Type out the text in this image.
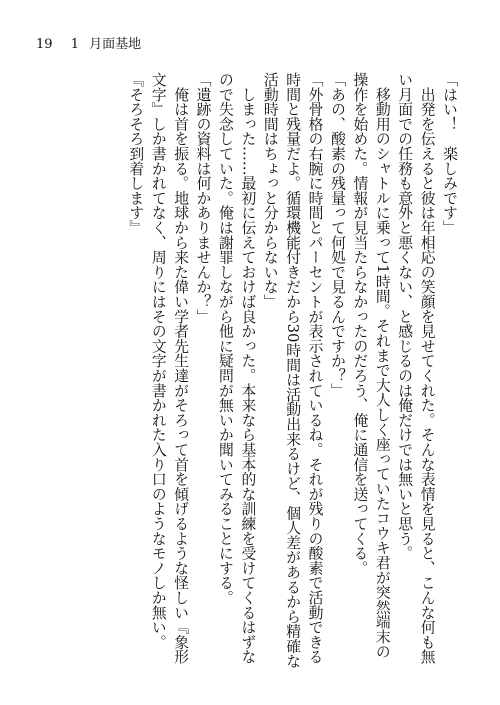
19 1 月面基地
「はい！　楽しみです」
　出発を伝えると彼は年相応の笑顔を見せてくれた。そんな表情を見ると、こんな何も無
い月面での任務も意外と悪くない、と感じるのは俺だけでは無いと思う。
　移動用のシャトルに乗って1時間。それまで大人しく座っていたコウキ君が突然端末の
操作を始めた。情報が見当たらなかったのだろう、俺に通信を送ってくる。
「あの、酸素の残量って何処で見るんですか？」
「外骨格の右腕に時間とパーセントが表示されているね。それが残りの酸素で活動できる
時間と残量だよ。循環機能付きだから30時間は活動出来るけど、個人差があるから精確な
活動時間はちょっと分からないな」
　しまった……最初に伝えておけば良かった。本来なら基本的な訓練を受けてくるはずな
ので失念していた。俺は謝罪しながら他に疑問が無いか聞いてみることにする。
「遺跡の資料は何かありませんか？」
　俺は首を振る。地球から来た偉い学者先生達がそろって首を傾げるような怪しい『象形
文字』しか書かれてなく、周りにはその文字が書かれた入り口のようなモノしか無い。
『そろそろ到着します』
